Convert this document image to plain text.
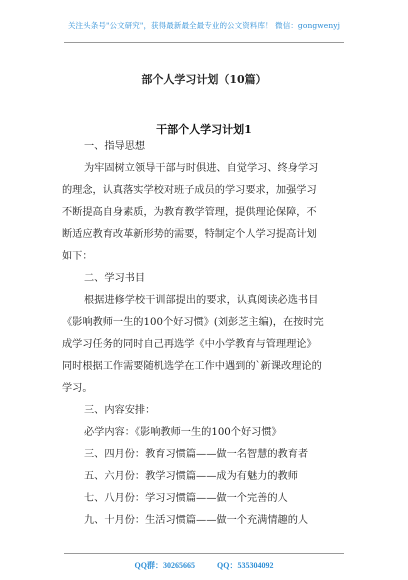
关注头条号"公文研究"，获得最新最全最专业的公文资料库！ 微信：gongwenyj
部个人学习计划（10篇）
干部个人学习计划1
一、指导思想
为牢固树立领导干部与时俱进、自觉学习、终身学习
的理念，认真落实学校对班子成员的学习要求，加强学习
不断提高自身素质，为教育教学管理，提供理论保障，不
断适应教育改革新形势的需要，特制定个人学习提高计划
如下：
二、学习书目
根据进修学校干训部提出的要求，认真阅读必选书目
《影响教师一生的100个好习惯》(刘彭芝主编)，在按时完
成学习任务的同时自己再选学《中小学教育与管理理论》
同时根据工作需要随机选学在工作中遇到的`新课改理论的
学习。
三、内容安排：
必学内容：《影响教师一生的100个好习惯》
三、四月份：教育习惯篇——做一名智慧的教育者
五、六月份：教学习惯篇——成为有魅力的教师
七、八月份：学习习惯篇——做一个完善的人
九、十月份：生活习惯篇——做一个充满情趣的人
QQ群：30265665	QQ：535304092
